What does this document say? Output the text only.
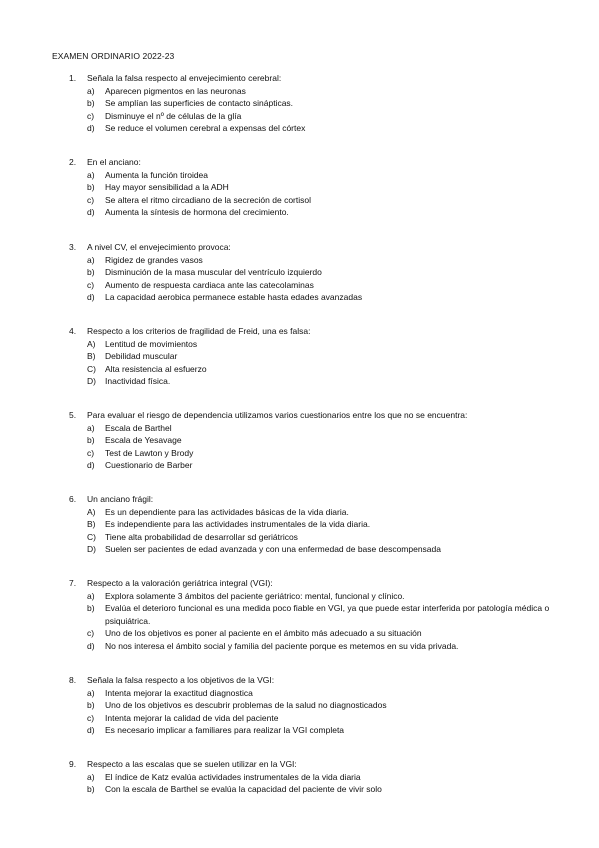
EXAMEN ORDINARIO 2022-23
1.	Señala la falsa respecto al envejecimiento cerebral:
a)	Aparecen pigmentos en las neuronas
b)	Se amplían las superficies de contacto sinápticas.
c)	Disminuye el nº de células de la glía
d)	Se reduce el volumen cerebral a expensas del córtex
2.	En el anciano:
a)	Aumenta la función tiroidea
b)	Hay mayor sensibilidad a la ADH
c)	Se altera el ritmo circadiano de la secreción de cortisol
d)	Aumenta la síntesis de hormona del crecimiento.
3.	A nivel CV, el envejecimiento provoca:
a)	Rigidez de grandes vasos
b)	Disminución de la masa muscular del ventrículo izquierdo
c)	Aumento de respuesta cardiaca ante las catecolaminas
d)	La capacidad aerobica permanece estable hasta edades avanzadas
4.	Respecto a los criterios de fragilidad de Freid, una es falsa:
A)	Lentitud de movimientos
B)	Debilidad muscular
C)	Alta resistencia al esfuerzo
D)	Inactividad física.
5.	Para evaluar el riesgo de dependencia utilizamos varios cuestionarios entre los que no se encuentra:
a)	Escala de Barthel
b)	Escala de Yesavage
c)	Test de Lawton y Brody
d)	Cuestionario de Barber
6.	Un anciano frágil:
A)	Es un dependiente para las actividades básicas de la vida diaria.
B)	Es independiente para las actividades instrumentales de la vida diaria.
C)	Tiene alta probabilidad de desarrollar sd geriátricos
D)	Suelen ser pacientes de edad avanzada y con una enfermedad de base descompensada
7.	Respecto a la valoración geriátrica integral (VGI):
a)	Explora solamente 3 ámbitos del paciente geriátrico: mental, funcional y clínico.
b)	Evalúa el deterioro funcional es una medida poco fiable en VGI, ya que puede estar interferida por patología médica o psiquiátrica.
c)	Uno de los objetivos es poner al paciente en el ámbito más adecuado a su situación
d)	No nos interesa el ámbito social y familia del paciente porque es metemos en su vida privada.
8.	Señala la falsa respecto a los objetivos de la VGI:
a)	Intenta mejorar la exactitud diagnostica
b)	Uno de los objetivos es descubrir problemas de la salud no diagnosticados
c)	Intenta mejorar la calidad de vida del paciente
d)	Es necesario implicar a familiares para realizar la VGI completa
9.	Respecto a las escalas que se suelen utilizar en la VGI:
a)	El índice de Katz evalúa actividades instrumentales de la vida diaria
b)	Con la escala de Barthel se evalúa la capacidad del paciente de vivir solo
